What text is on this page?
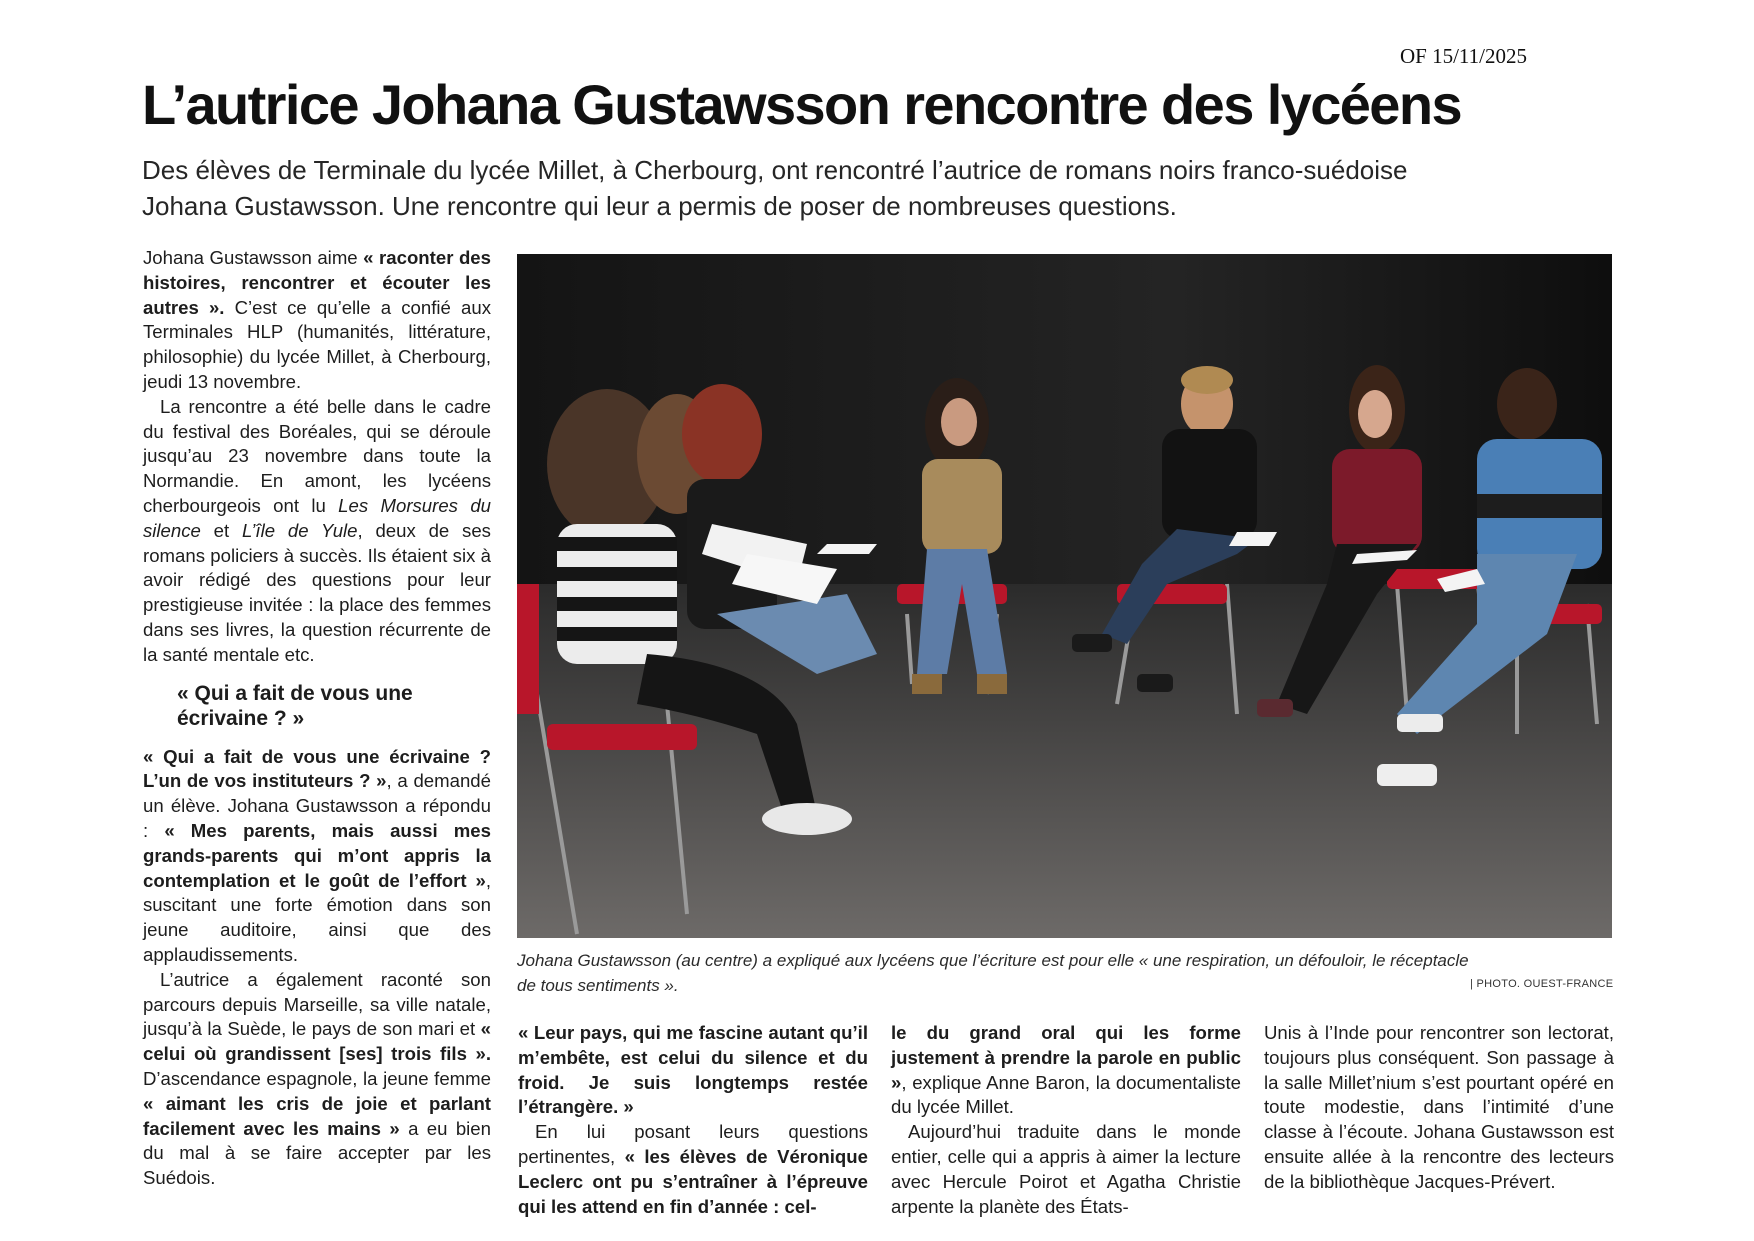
OF 15/11/2025
L’autrice Johana Gustawsson rencontre des lycéens

Des élèves de Terminale du lycée Millet, à Cherbourg, ont rencontré l’autrice de romans noirs franco-suédoise Johana Gustawsson. Une rencontre qui leur a permis de poser de nombreuses questions.

Johana Gustawsson aime « raconter des histoires, rencontrer et écouter les autres ». C’est ce qu’elle a confié aux Terminales HLP (humanités, littérature, philosophie) du lycée Millet, à Cherbourg, jeudi 13 novembre.

La rencontre a été belle dans le cadre du festival des Boréales, qui se déroule jusqu’au 23 novembre dans toute la Normandie. En amont, les lycéens cherbourgeois ont lu Les Morsures du silence et L’île de Yule, deux de ses romans policiers à succès. Ils étaient six à avoir rédigé des questions pour leur prestigieuse invitée : la place des femmes dans ses livres, la question récurrente de la santé mentale etc.

« Qui a fait de vous une écrivaine ? »

« Qui a fait de vous une écrivaine ? L’un de vos instituteurs ? », a demandé un élève. Johana Gustawsson a répondu : « Mes parents, mais aussi mes grands-parents qui m’ont appris la contemplation et le goût de l’effort », suscitant une forte émotion dans son jeune auditoire, ainsi que des applaudissements.

L’autrice a également raconté son parcours depuis Marseille, sa ville natale, jusqu’à la Suède, le pays de son mari et « celui où grandissent [ses] trois fils ». D’ascendance espagnole, la jeune femme « aimant les cris de joie et parlant facilement avec les mains » a eu bien du mal à se faire accepter par les Suédois.

Johana Gustawsson (au centre) a expliqué aux lycéens que l’écriture est pour elle « une respiration, un défouloir, le réceptacle de tous sentiments ».	| PHOTO. OUEST-FRANCE

« Leur pays, qui me fascine autant qu’il m’embête, est celui du silence et du froid. Je suis longtemps restée l’étrangère. »

En lui posant leurs questions pertinentes, « les élèves de Véronique Leclerc ont pu s’entraîner à l’épreuve qui les attend en fin d’année : cel-

le du grand oral qui les forme justement à prendre la parole en public », explique Anne Baron, la documentaliste du lycée Millet.

Aujourd’hui traduite dans le monde entier, celle qui a appris à aimer la lecture avec Hercule Poirot et Agatha Christie arpente la planète des États-

Unis à l’Inde pour rencontrer son lectorat, toujours plus conséquent. Son passage à la salle Millet’nium s’est pourtant opéré en toute modestie, dans l’intimité d’une classe à l’écoute. Johana Gustawsson est ensuite allée à la rencontre des lecteurs de la bibliothèque Jacques-Prévert.
